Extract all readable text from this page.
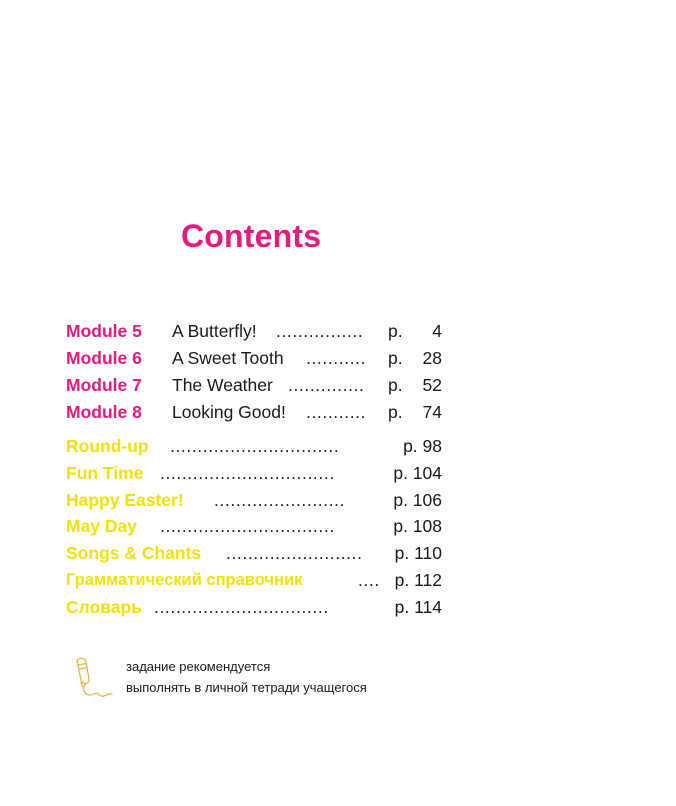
Contents
Module 5 A Butterfly! ................	p. 4
Module 6 A Sweet Tooth ...........	p. 28
Module 7 The Weather ..............	p. 52
Module 8 Looking Good! ...........	p. 74
Round-up ...............................	p. 98
Fun Time ................................	p. 104
Happy Easter! ........................	p. 106
May Day ................................	p. 108
Songs & Chants .........................	p. 110
Грамматический справочник	.... p. 112
Словарь ................................	p. 114
задание рекомендуется
выполнять в личной тетради учащегося
